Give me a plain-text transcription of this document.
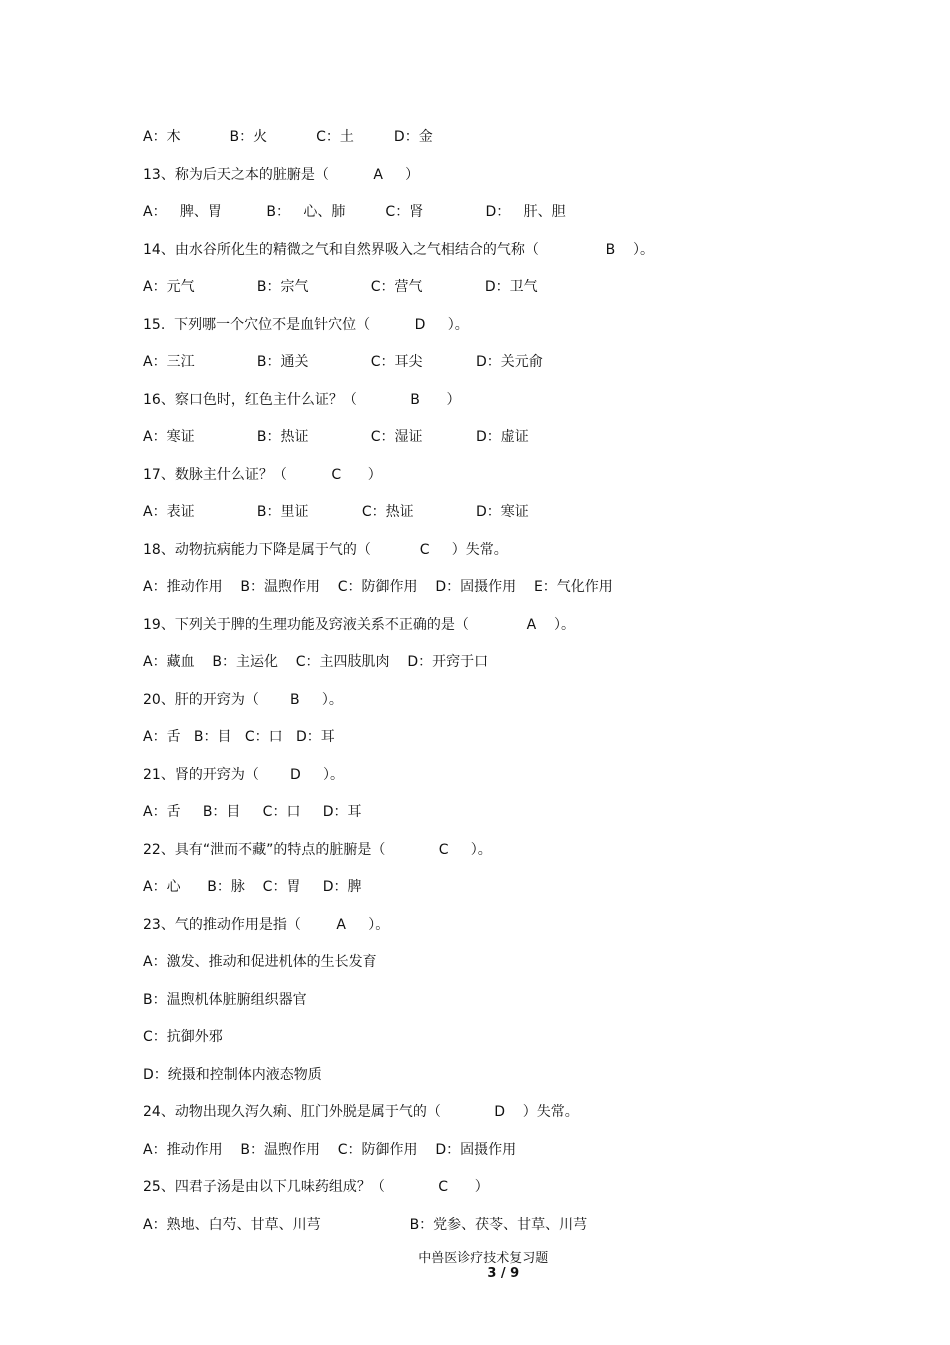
A：木           B：火           C：土         D：金
13、称为后天之本的脏腑是（          A     ）
A：   脾、胃          B：   心、肺         C：肾              D：   肝、胆
14、由水谷所化生的精微之气和自然界吸入之气相结合的气称（               B    ）。
A：元气              B：宗气              C：营气              D：卫气
15.  下列哪一个穴位不是血针穴位（          D     ）。
A：三江              B：通关              C：耳尖            D：关元俞
16、察口色时，红色主什么证？（            B      ）
A：寒证              B：热证              C：湿证            D：虚证
17、数脉主什么证？（          C      ）
A：表证              B：里证            C：热证              D：寒证
18、动物抗病能力下降是属于气的（           C     ）失常。
A：推动作用    B：温煦作用    C：防御作用    D：固摄作用    E：气化作用
19、下列关于脾的生理功能及窍液关系不正确的是（             A    ）。
A：藏血    B：主运化    C：主四肢肌肉    D：开窍于口
20、肝的开窍为（       B     ）。
A：舌   B：目   C：口   D：耳
21、肾的开窍为（       D     ）。
A：舌     B：目     C：口     D：耳
22、具有“泄而不藏”的特点的脏腑是（            C     ）。
A：心      B：脉    C：胃     D：脾
23、气的推动作用是指（        A     ）。
A：激发、推动和促进机体的生长发育
B：温煦机体脏腑组织器官
C：抗御外邪
D：统摄和控制体内液态物质
24、动物出现久泻久痢、肛门外脱是属于气的（            D    ）失常。
A：推动作用    B：温煦作用    C：防御作用    D：固摄作用
25、四君子汤是由以下几味药组成？（            C      ）
A：熟地、白芍、甘草、川芎                    B：党参、茯苓、甘草、川芎

中兽医诊疗技术复习题
3 / 9
